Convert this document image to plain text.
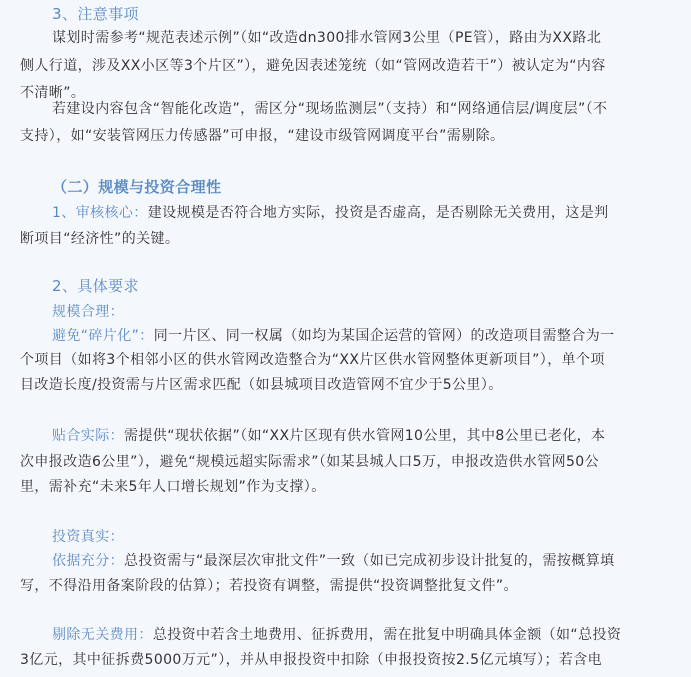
3、注意事项
谋划时需参考“规范表述示例”（如“改造dn300排水管网3公里（PE管），路由为XX路北
侧人行道，涉及XX小区等3个片区”），避免因表述笼统（如“管网改造若干”）被认定为“内容
不清晰”。
若建设内容包含“智能化改造”，需区分“现场监测层”（支持）和“网络通信层/调度层”（不
支持），如“安装管网压力传感器”可申报，“建设市级管网调度平台”需剔除。
（二）规模与投资合理性
1、审核核心：建设规模是否符合地方实际，投资是否虚高，是否剔除无关费用，这是判
断项目“经济性”的关键。
2、具体要求
规模合理：
避免“碎片化”：同一片区、同一权属（如均为某国企运营的管网）的改造项目需整合为一
个项目（如将3个相邻小区的供水管网改造整合为“XX片区供水管网整体更新项目”），单个项
目改造长度/投资需与片区需求匹配（如县城项目改造管网不宜少于5公里）。
贴合实际：需提供“现状依据”（如“XX片区现有供水管网10公里，其中8公里已老化，本
次申报改造6公里”），避免“规模远超实际需求”（如某县城人口5万，申报改造供水管网50公
里，需补充“未来5年人口增长规划”作为支撑）。
投资真实：
依据充分：总投资需与“最深层次审批文件”一致（如已完成初步设计批复的，需按概算填
写，不得沿用备案阶段的估算）；若投资有调整，需提供“投资调整批复文件”。
剔除无关费用：总投资中若含土地费用、征拆费用，需在批复中明确具体金额（如“总投资
3亿元，其中征拆费5000万元”），并从申报投资中扣除（申报投资按2.5亿元填写）；若含电
